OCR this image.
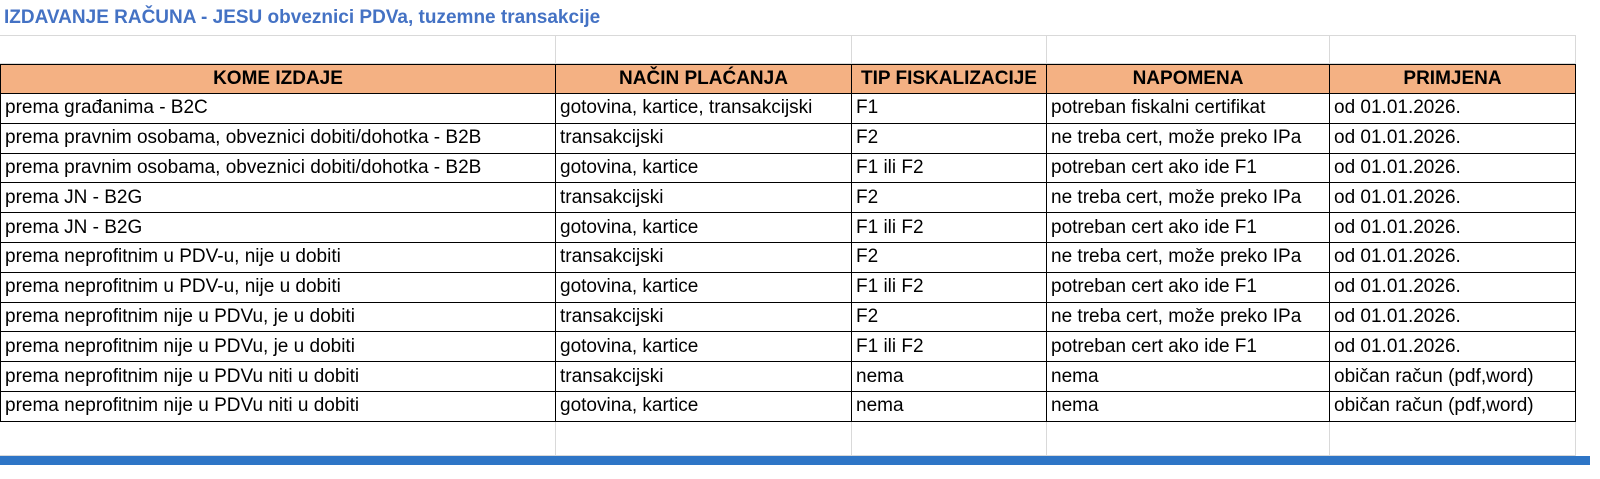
IZDAVANJE RAČUNA - JESU obveznici PDVa, tuzemne transakcije
KOME IZDAJE	NAČIN PLAĆANJA	TIP FISKALIZACIJE	NAPOMENA	PRIMJENA
prema građanima - B2C	gotovina, kartice, transakcijski	F1	potreban fiskalni certifikat	od 01.01.2026.
prema pravnim osobama, obveznici dobiti/dohotka - B2B	transakcijski	F2	ne treba cert, može preko IPa	od 01.01.2026.
prema pravnim osobama, obveznici dobiti/dohotka - B2B	gotovina, kartice	F1 ili F2	potreban cert ako ide F1	od 01.01.2026.
prema JN - B2G	transakcijski	F2	ne treba cert, može preko IPa	od 01.01.2026.
prema JN - B2G	gotovina, kartice	F1 ili F2	potreban cert ako ide F1	od 01.01.2026.
prema neprofitnim u PDV-u, nije u dobiti	transakcijski	F2	ne treba cert, može preko IPa	od 01.01.2026.
prema neprofitnim u PDV-u, nije u dobiti	gotovina, kartice	F1 ili F2	potreban cert ako ide F1	od 01.01.2026.
prema neprofitnim nije u PDVu, je u dobiti	transakcijski	F2	ne treba cert, može preko IPa	od 01.01.2026.
prema neprofitnim nije u PDVu, je u dobiti	gotovina, kartice	F1 ili F2	potreban cert ako ide F1	od 01.01.2026.
prema neprofitnim nije u PDVu niti u dobiti	transakcijski	nema	nema	običan račun (pdf,word)
prema neprofitnim nije u PDVu niti u dobiti	gotovina, kartice	nema	nema	običan račun (pdf,word)
